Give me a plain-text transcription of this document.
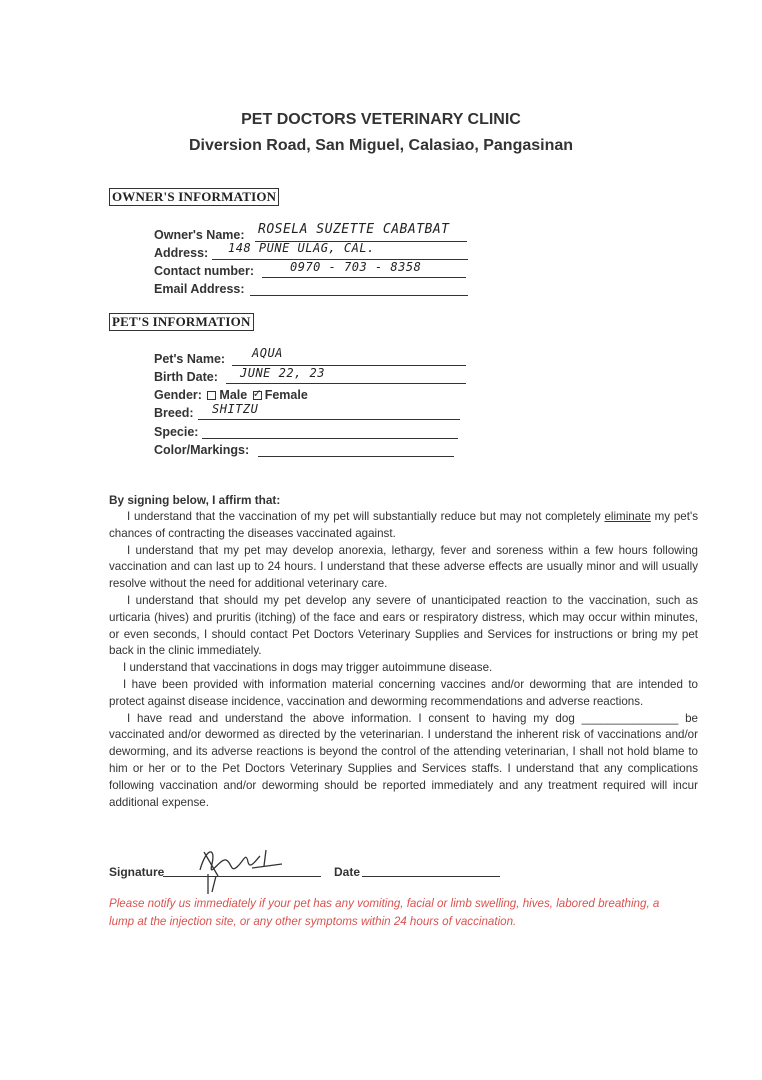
PET DOCTORS VETERINARY CLINIC
Diversion Road, San Miguel, Calasiao, Pangasinan
OWNER'S INFORMATION
Owner's Name: ROSELA SUZETTE CABATBAT
Address: 148 PUNE ULAG, CAL.
Contact number:	0970 - 703 - 8358
Email Address:
PET'S INFORMATION
Pet's Name: AQUA
Birth Date: JUNE 22, 23
Gender: Male ✓ Female
Breed: SHITZU
Specie:
Color/Markings:
By signing below, I affirm that:

I understand that the vaccination of my pet will substantially reduce but may not completely eliminate my pet's chances of contracting the diseases vaccinated against.

I understand that my pet may develop anorexia, lethargy, fever and soreness within a few hours following vaccination and can last up to 24 hours. I understand that these adverse effects are usually minor and will usually resolve without the need for additional veterinary care.

I understand that should my pet develop any severe of unanticipated reaction to the vaccination, such as urticaria (hives) and pruritis (itching) of the face and ears or respiratory distress, which may occur within minutes, or even seconds, I should contact Pet Doctors Veterinary Supplies and Services for instructions or bring my pet back in the clinic immediately.

I understand that vaccinations in dogs may trigger autoimmune disease.

I have been provided with information material concerning vaccines and/or deworming that are intended to protect against disease incidence, vaccination and deworming recommendations and adverse reactions.

I have read and understand the above information. I consent to having my dog _______________ be vaccinated and/or dewormed as directed by the veterinarian. I understand the inherent risk of vaccinations and/or deworming, and its adverse reactions is beyond the control of the attending veterinarian, I shall not hold blame to him or her or to the Pet Doctors Veterinary Supplies and Services staffs. I understand that any complications following vaccination and/or deworming should be reported immediately and any treatment required will incur additional expense.

Signature	Date
Please notify us immediately if your pet has any vomiting, facial or limb swelling, hives, labored breathing, a lump at the injection site, or any other symptoms within 24 hours of vaccination.
